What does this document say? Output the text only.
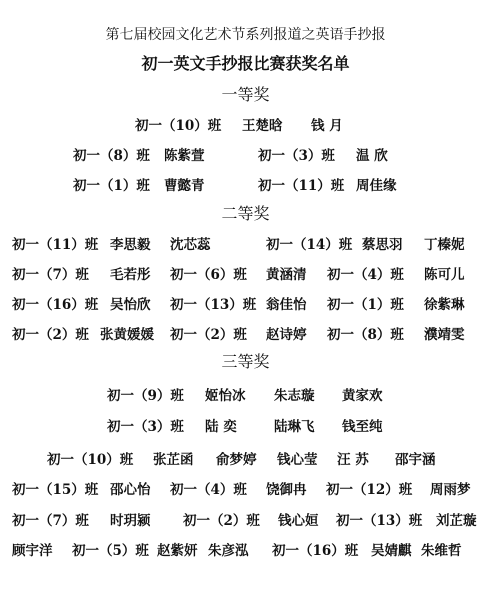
第七届校园文化艺术节系列报道之英语手抄报
初一英文手抄报比赛获奖名单
一等奖
初一（10）班 王楚晗 钱 月
初一（8）班 陈紫萱	初一（3）班 温 欣
初一（1）班 曹懿青	初一（11）班 周佳缘
二等奖
初一（11）班 李思毅 沈芯蕊	初一（14）班 蔡思羽 丁榛妮
初一（7）班 毛若彤 初一（6）班 黄涵清 初一（4）班 陈可儿
初一（16）班 吴怡欣 初一（13）班 翁佳怡 初一（1）班 徐紫琳
初一（2）班 张黄媛媛 初一（2）班 赵诗婷 初一（8）班 濮靖雯
三等奖
初一（9）班 姬怡冰 朱志璇 黄家欢
初一（3）班 陆 奕	陆琳飞 钱至纯
初一（10）班 张芷函 俞梦婷 钱心莹 汪 苏 邵宇涵
初一（15）班 邵心怡 初一（4）班 饶御冉 初一（12）班 周雨梦
初一（7）班 时玥颍 初一（2）班 钱心姮 初一（13）班 刘芷璇
顾宇洋 初一（5）班 赵紫妍 朱彦泓 初一（16）班 吴婧麒 朱维哲
